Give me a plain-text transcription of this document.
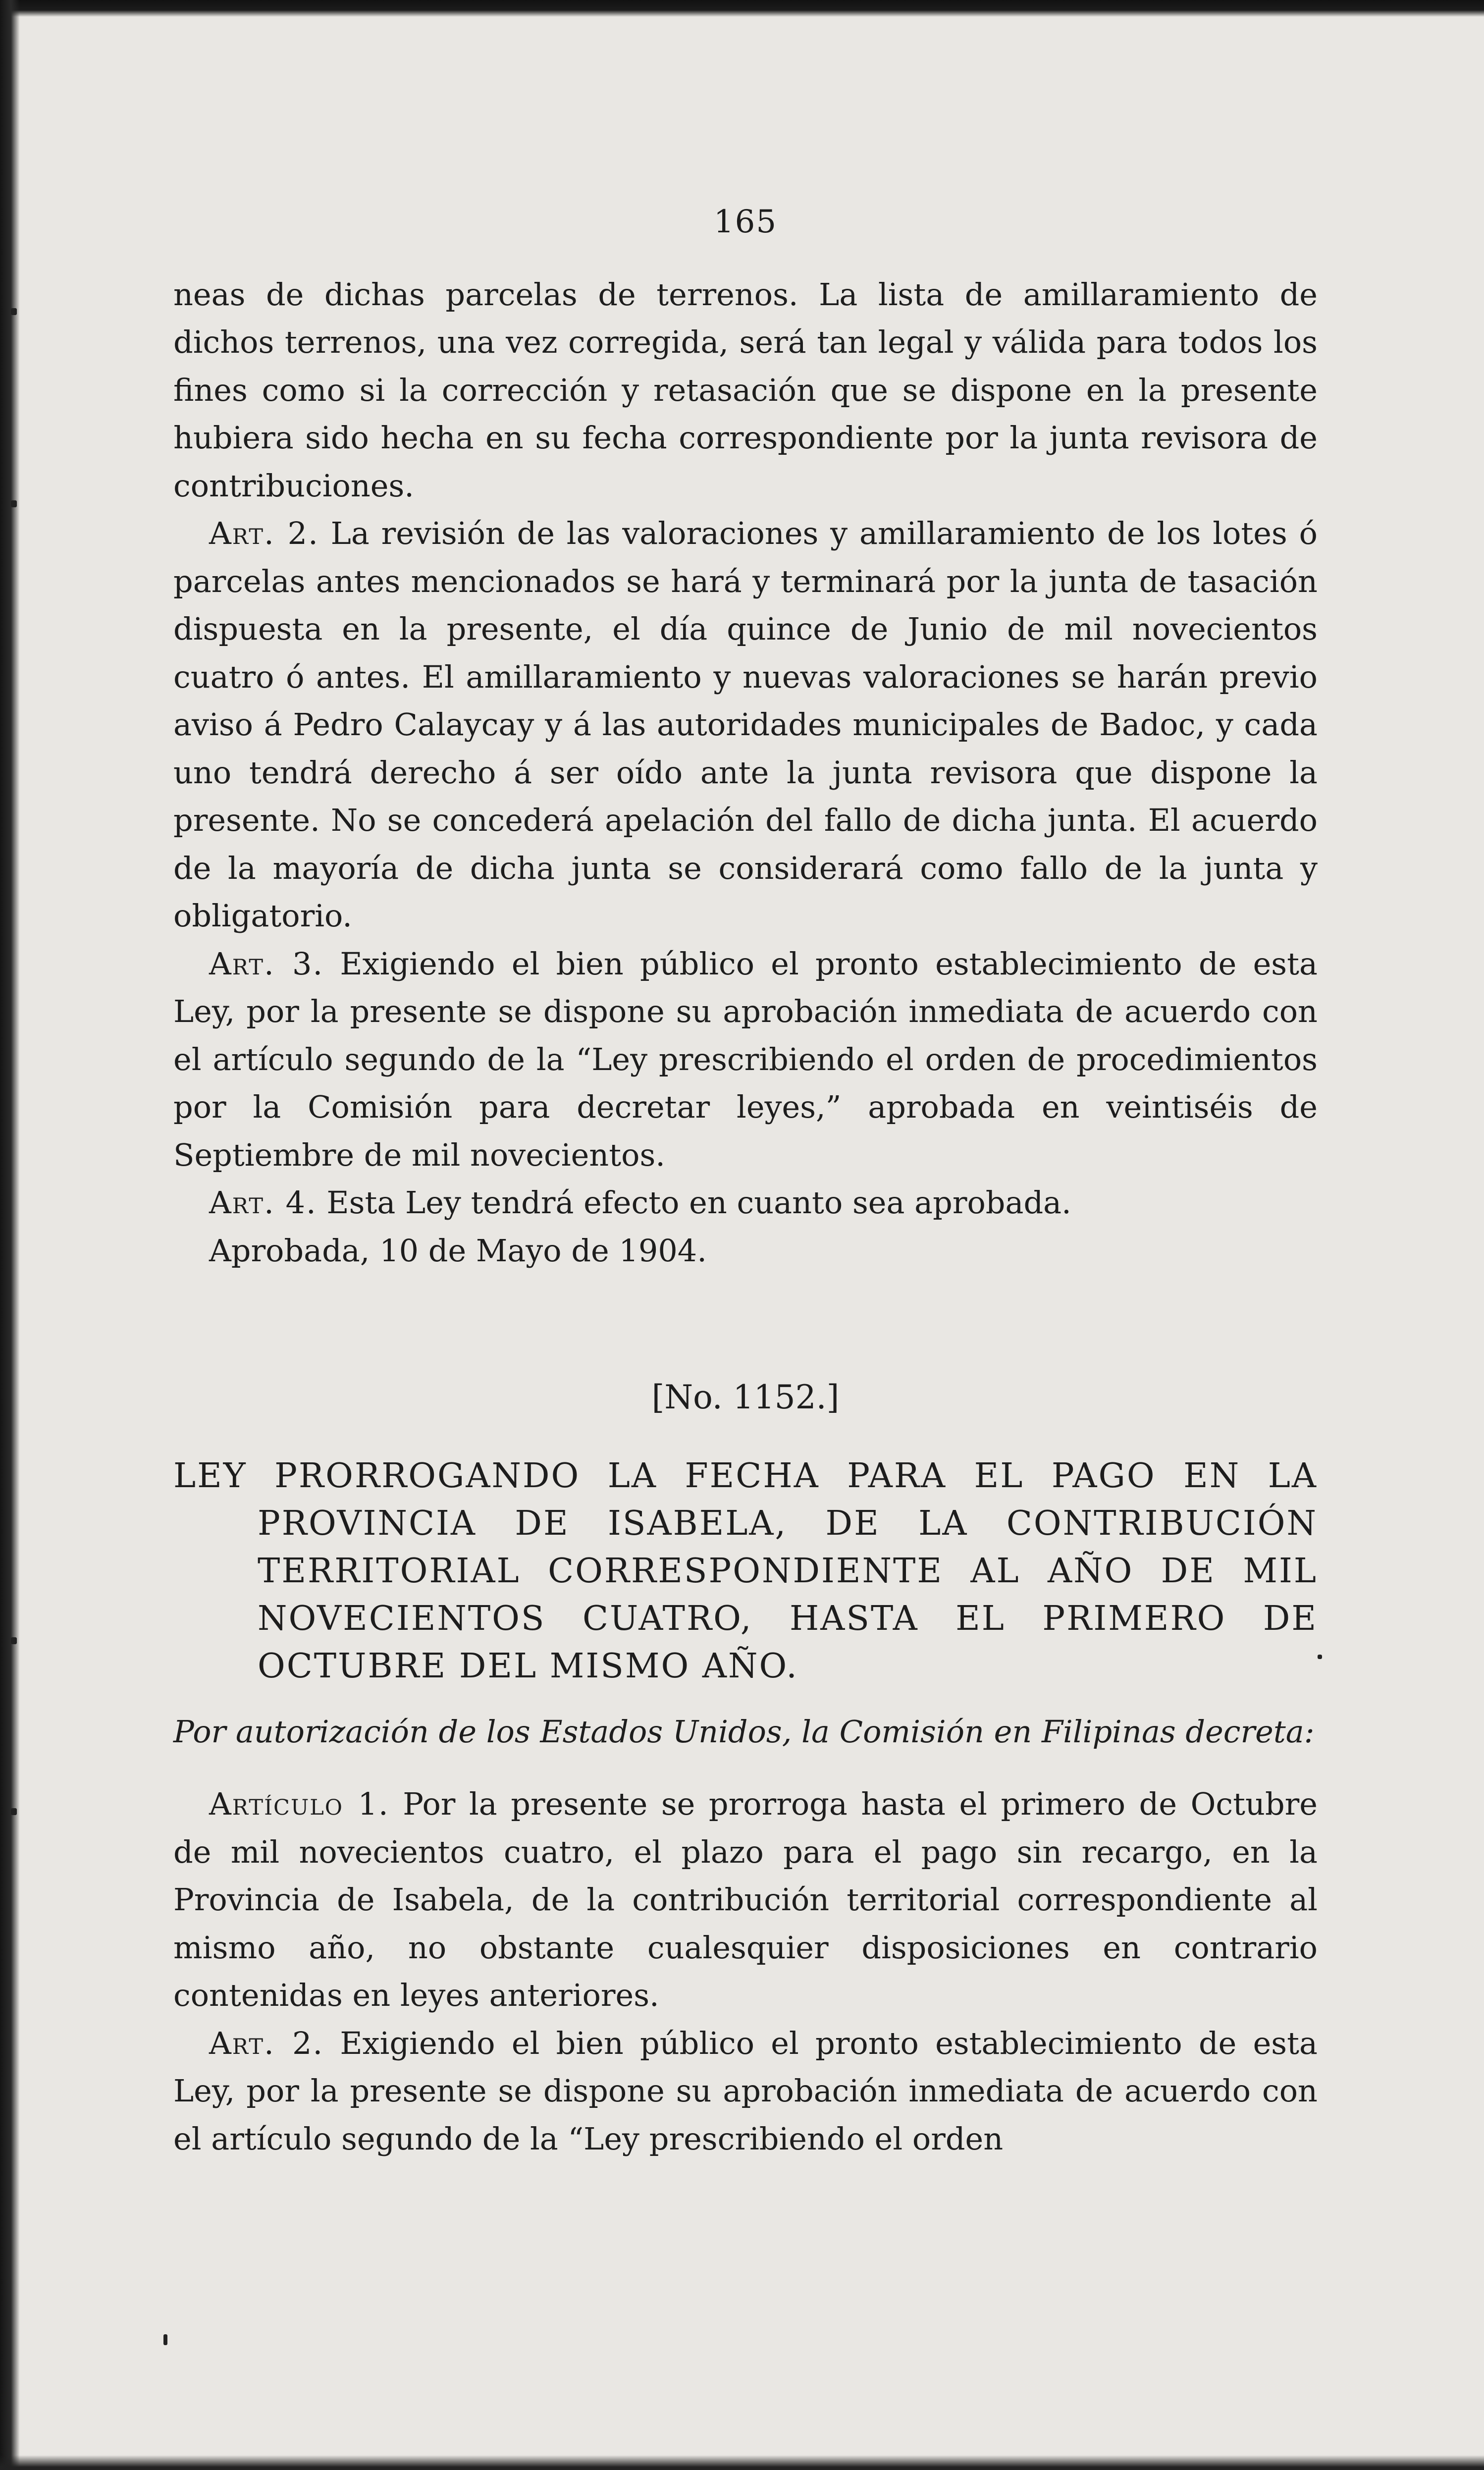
165

neas de dichas parcelas de terrenos. La lista de amillaramiento de dichos terrenos, una vez corregida, será tan legal y válida para todos los fines como si la corrección y retasación que se dispone en la presente hubiera sido hecha en su fecha correspondiente por la junta revisora de contribuciones.

Art. 2. La revisión de las valoraciones y amillaramiento de los lotes ó parcelas antes mencionados se hará y terminará por la junta de tasación dispuesta en la presente, el día quince de Junio de mil novecientos cuatro ó antes. El amillaramiento y nuevas valoraciones se harán previo aviso á Pedro Calaycay y á las autoridades municipales de Badoc, y cada uno tendrá derecho á ser oído ante la junta revisora que dispone la presente. No se concederá apelación del fallo de dicha junta. El acuerdo de la mayoría de dicha junta se considerará como fallo de la junta y obligatorio.

Art. 3. Exigiendo el bien público el pronto establecimiento de esta Ley, por la presente se dispone su aprobación inmediata de acuerdo con el artículo segundo de la “Ley prescribiendo el orden de procedimientos por la Comisión para decretar leyes,” aprobada en veintiséis de Septiembre de mil novecientos.

Art. 4. Esta Ley tendrá efecto en cuanto sea aprobada.

Aprobada, 10 de Mayo de 1904.

[No. 1152.]

LEY PRORROGANDO LA FECHA PARA EL PAGO EN LA PROVINCIA DE ISABELA, DE LA CONTRIBUCIÓN TERRITORIAL CORRESPONDIENTE AL AÑO DE MIL NOVECIENTOS CUATRO, HASTA EL PRIMERO DE OCTUBRE DEL MISMO AÑO.

Por autorización de los Estados Unidos, la Comisión en Filipinas decreta:

Artículo 1. Por la presente se prorroga hasta el primero de Octubre de mil novecientos cuatro, el plazo para el pago sin recargo, en la Provincia de Isabela, de la contribución territorial correspondiente al mismo año, no obstante cualesquier disposiciones en contrario contenidas en leyes anteriores.

Art. 2. Exigiendo el bien público el pronto establecimiento de esta Ley, por la presente se dispone su aprobación inmediata de acuerdo con el artículo segundo de la “Ley prescribiendo el orden
